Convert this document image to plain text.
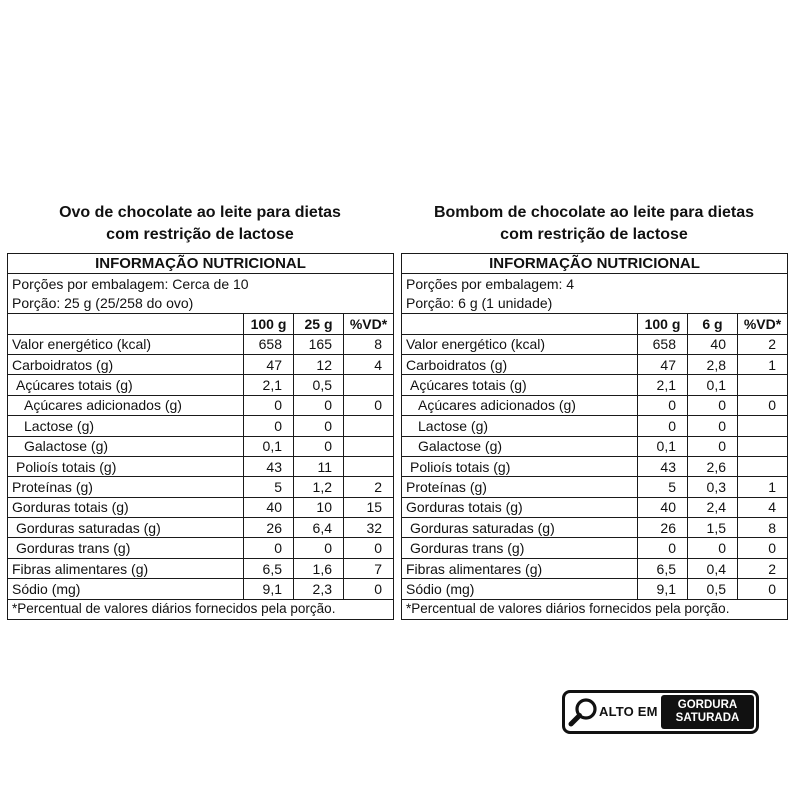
Ovo de chocolate ao leite para dietas
com restrição de lactose
INFORMAÇÃO NUTRICIONAL			
Porções por embalagem: Cerca de 10			
Porção: 25 g (25/258 do ovo)			
	100 g	25 g	%VD*
Valor energético (kcal)	658	165	8
Carboidratos (g)	47	12	4
Açúcares totais (g)	2,1	0,5	
Açúcares adicionados (g)	0	0	0
Lactose (g)	0	0	
Galactose (g)	0,1	0	
Polioís totais (g)	43	11	
Proteínas (g)	5	1,2	2
Gorduras totais (g)	40	10	15
Gorduras saturadas (g)	26	6,4	32
Gorduras trans (g)	0	0	0
Fibras alimentares (g)	6,5	1,6	7
Sódio (mg)	9,1	2,3	0
*Percentual de valores diários fornecidos pela porção.			
Bombom de chocolate ao leite para dietas
com restrição de lactose
INFORMAÇÃO NUTRICIONAL			
Porções por embalagem: 4			
Porção: 6 g (1 unidade)			
	100 g	6 g	%VD*
Valor energético (kcal)	658	40	2
Carboidratos (g)	47	2,8	1
Açúcares totais (g)	2,1	0,1	
Açúcares adicionados (g)	0	0	0
Lactose (g)	0	0	
Galactose (g)	0,1	0	
Polioís totais (g)	43	2,6	
Proteínas (g)	5	0,3	1
Gorduras totais (g)	40	2,4	4
Gorduras saturadas (g)	26	1,5	8
Gorduras trans (g)	0	0	0
Fibras alimentares (g)	6,5	0,4	2
Sódio (mg)	9,1	0,5	0
*Percentual de valores diários fornecidos pela porção.			
ALTO EM GORDURA
SATURADA
